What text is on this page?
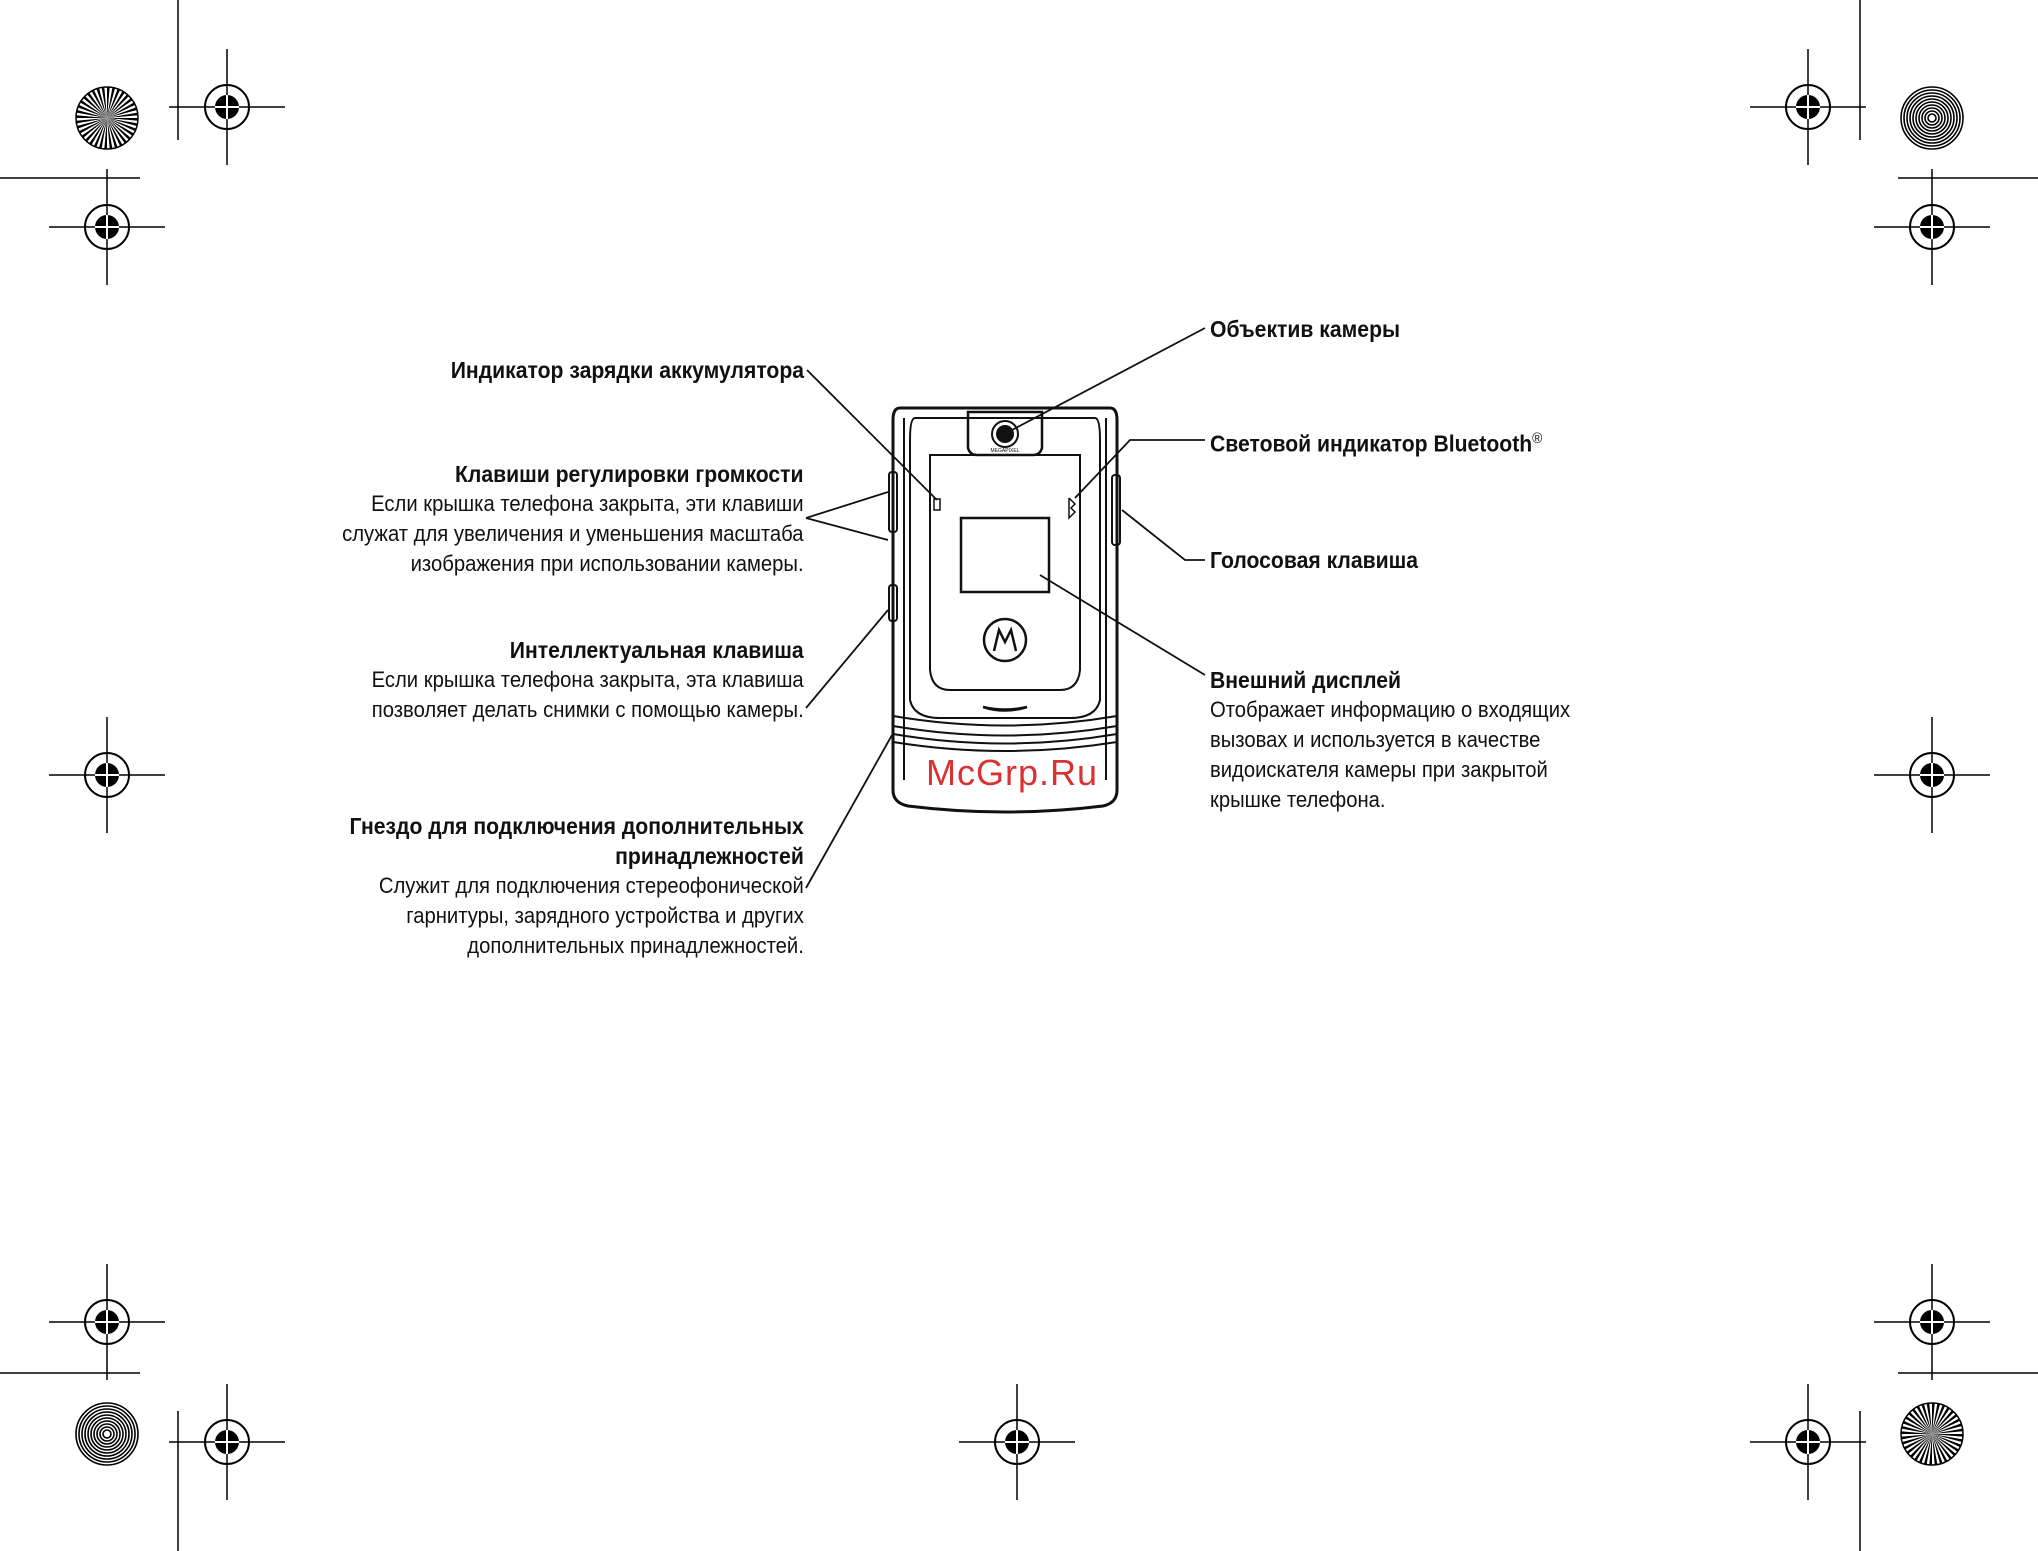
MEGAPIXEL
Индикатор зарядки аккумулятора
Клавиши регулировки громкости
Если крышка телефона закрыта, эти клавиши
служат для увеличения и уменьшения масштаба
изображения при использовании камеры.
Интеллектуальная клавиша
Если крышка телефона закрыта, эта клавиша
позволяет делать снимки с помощью камеры.
Гнездо для подключения дополнительных
принадлежностей
Служит для подключения стереофонической
гарнитуры, зарядного устройства и других
дополнительных принадлежностей.
Объектив камеры
Световой индикатор Bluetooth®
Голосовая клавиша
Внешний дисплей
Отображает информацию о входящих
вызовах и используется в качестве
видоискателя камеры при закрытой
крышке телефона.
McGrp.Ru
